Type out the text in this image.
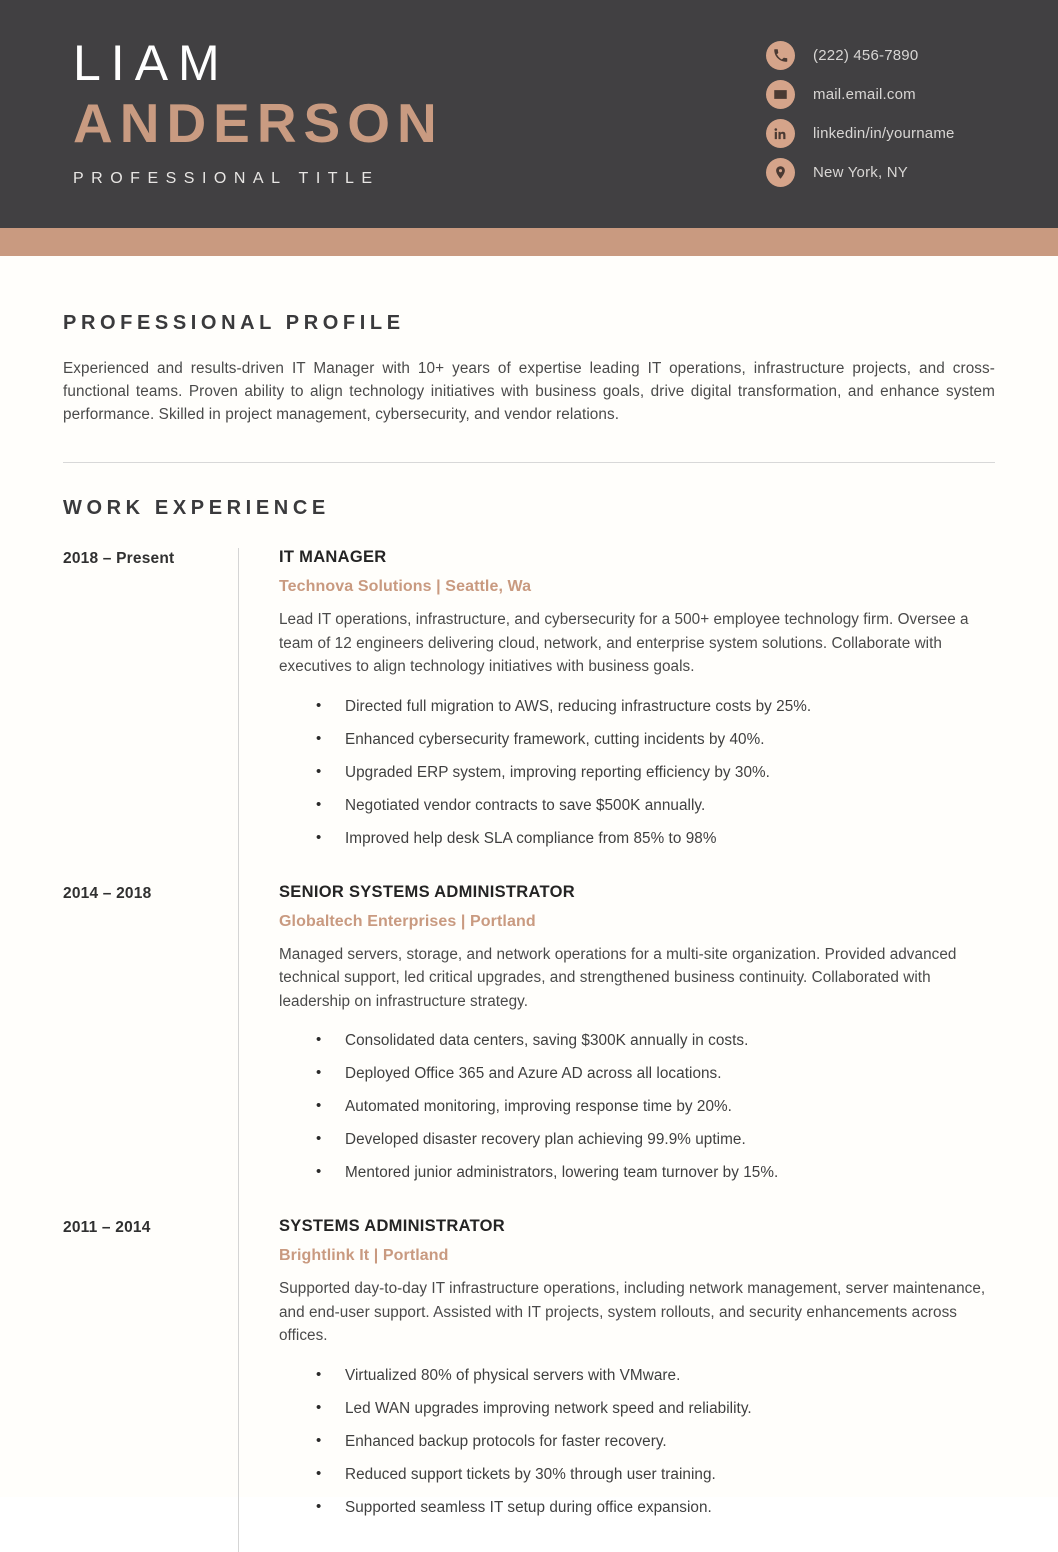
LIAM
ANDERSON
PROFESSIONAL TITLE
(222) 456-7890
mail.email.com
linkedin/in/yourname
New York, NY
PROFESSIONAL PROFILE

Experienced and results-driven IT Manager with 10+ years of expertise leading IT operations, infrastructure projects, and cross-functional teams. Proven ability to align technology initiatives with business goals, drive digital transformation, and enhance system performance. Skilled in project management, cybersecurity, and vendor relations.

WORK EXPERIENCE
2018 – Present	IT MANAGER
Technova Solutions | Seattle, Wa
Lead IT operations, infrastructure, and cybersecurity for a 500+ employee technology firm. Oversee a team of 12 engineers delivering cloud, network, and enterprise system solutions. Collaborate with executives to align technology initiatives with business goals.
• Directed full migration to AWS, reducing infrastructure costs by 25%.
• Enhanced cybersecurity framework, cutting incidents by 40%.
• Upgraded ERP system, improving reporting efficiency by 30%.
• Negotiated vendor contracts to save $500K annually.
• Improved help desk SLA compliance from 85% to 98%
2014 – 2018	SENIOR SYSTEMS ADMINISTRATOR
Globaltech Enterprises | Portland
Managed servers, storage, and network operations for a multi-site organization. Provided advanced technical support, led critical upgrades, and strengthened business continuity. Collaborated with leadership on infrastructure strategy.
• Consolidated data centers, saving $300K annually in costs.
• Deployed Office 365 and Azure AD across all locations.
• Automated monitoring, improving response time by 20%.
• Developed disaster recovery plan achieving 99.9% uptime.
• Mentored junior administrators, lowering team turnover by 15%.
2011 – 2014	SYSTEMS ADMINISTRATOR
Brightlink It | Portland
Supported day-to-day IT infrastructure operations, including network management, server maintenance, and end-user support. Assisted with IT projects, system rollouts, and security enhancements across offices.
• Virtualized 80% of physical servers with VMware.
• Led WAN upgrades improving network speed and reliability.
• Enhanced backup protocols for faster recovery.
• Reduced support tickets by 30% through user training.
• Supported seamless IT setup during office expansion.
